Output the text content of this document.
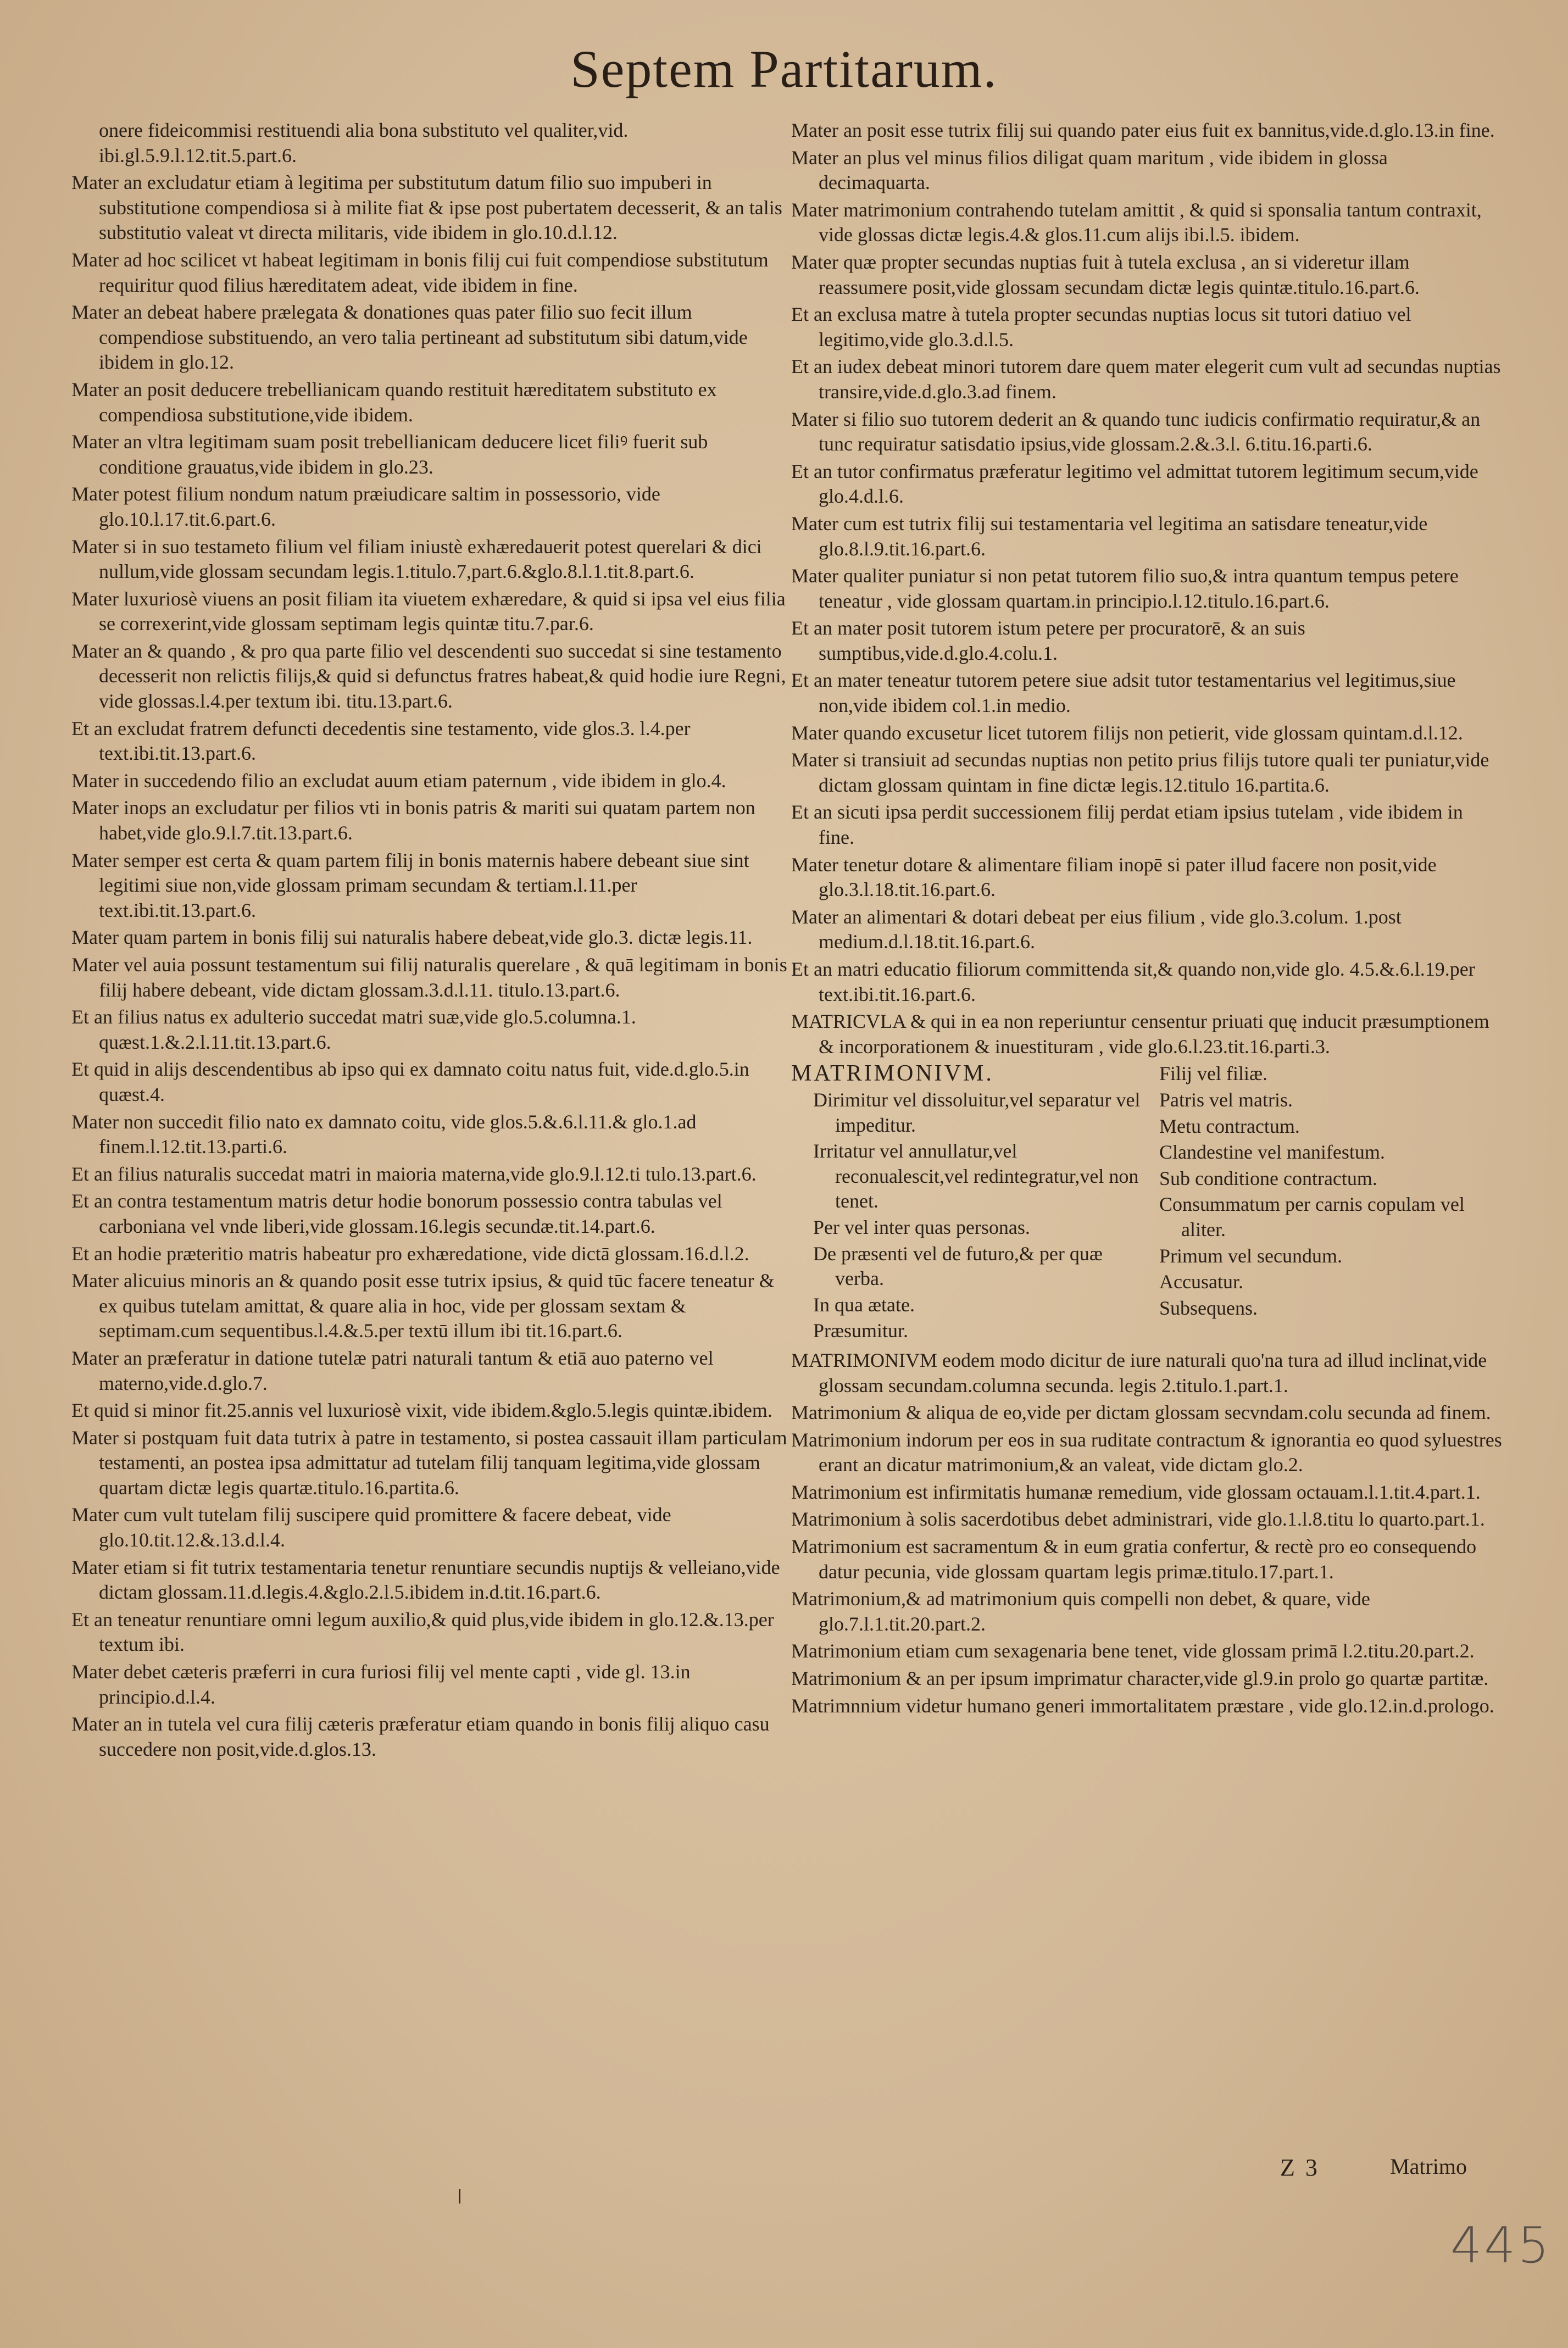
Septem Partitarum.
onere fideicommisi restituendi alia bona substituto vel qualiter,vid. ibi.gl.5.9.l.12.tit.5.part.6.
Mater an excludatur etiam à legitima per substitutum datum filio suo impuberi in substitutione compendiosa si à milite fiat & ipse post pubertatem decesserit, & an talis substitutio valeat vt directa militaris, vide ibidem in glo.10.d.l.12.
Mater ad hoc scilicet vt habeat legitimam in bonis filij cui fuit compendiose substitutum requiritur quod filius hæreditatem adeat, vide ibidem in fine.
Mater an debeat habere prælegata & donationes quas pater filio suo fecit illum compendiose substituendo, an vero talia pertineant ad substitutum sibi datum,vide ibidem in glo.12.
Mater an posit deducere trebellianicam quando restituit hæreditatem substituto ex compendiosa substitutione,vide ibidem.
Mater an vltra legitimam suam posit trebellianicam deducere licet filiꝰ fuerit sub conditione grauatus,vide ibidem in glo.23.
Mater potest filium nondum natum præiudicare saltim in possessorio, vide glo.10.l.17.tit.6.part.6.
Mater si in suo testameto filium vel filiam iniustè exhæredauerit potest querelari & dici nullum,vide glossam secundam legis.1.titulo.7,part.6.&glo.8.l.1.tit.8.part.6.
Mater luxuriosè viuens an posit filiam ita viuetem exhæredare, & quid si ipsa vel eius filia se correxerint,vide glossam septimam legis quintæ titu.7.par.6.
Mater an & quando , & pro qua parte filio vel descendenti suo succedat si sine testamento decesserit non relictis filijs,& quid si defunctus fratres habeat,& quid hodie iure Regni, vide glossas.l.4.per textum ibi. titu.13.part.6.
Et an excludat fratrem defuncti decedentis sine testamento, vide glos.3. l.4.per text.ibi.tit.13.part.6.
Mater in succedendo filio an excludat auum etiam paternum , vide ibidem in glo.4.
Mater inops an excludatur per filios vti in bonis patris & mariti sui quatam partem non habet,vide glo.9.l.7.tit.13.part.6.
Mater semper est certa & quam partem filij in bonis maternis habere debeant siue sint legitimi siue non,vide glossam primam secundam & tertiam.l.11.per text.ibi.tit.13.part.6.
Mater quam partem in bonis filij sui naturalis habere debeat,vide glo.3. dictæ legis.11.
Mater vel auia possunt testamentum sui filij naturalis querelare , & quā legitimam in bonis filij habere debeant, vide dictam glossam.3.d.l.11. titulo.13.part.6.
Et an filius natus ex adulterio succedat matri suæ,vide glo.5.columna.1. quæst.1.&.2.l.11.tit.13.part.6.
Et quid in alijs descendentibus ab ipso qui ex damnato coitu natus fuit, vide.d.glo.5.in quæst.4.
Mater non succedit filio nato ex damnato coitu, vide glos.5.&.6.l.11.& glo.1.ad finem.l.12.tit.13.parti.6.
Et an filius naturalis succedat matri in maioria materna,vide glo.9.l.12.ti tulo.13.part.6.
Et an contra testamentum matris detur hodie bonorum possessio contra tabulas vel carboniana vel vnde liberi,vide glossam.16.legis secundæ.tit.14.part.6.
Et an hodie præteritio matris habeatur pro exhæredatione, vide dictā glossam.16.d.l.2.
Mater alicuius minoris an & quando posit esse tutrix ipsius, & quid tūc facere teneatur & ex quibus tutelam amittat, & quare alia in hoc, vide per glossam sextam & septimam.cum sequentibus.l.4.&.5.per textū illum ibi tit.16.part.6.
Mater an præferatur in datione tutelæ patri naturali tantum & etiā auo paterno vel materno,vide.d.glo.7.
Et quid si minor fit.25.annis vel luxuriosè vixit, vide ibidem.&glo.5.legis quintæ.ibidem.
Mater si postquam fuit data tutrix à patre in testamento, si postea cassauit illam particulam testamenti, an postea ipsa admittatur ad tutelam filij tanquam legitima,vide glossam quartam dictæ legis quartæ.titulo.16.partita.6.
Mater cum vult tutelam filij suscipere quid promittere & facere debeat, vide glo.10.tit.12.&.13.d.l.4.
Mater etiam si fit tutrix testamentaria tenetur renuntiare secundis nuptijs & velleiano,vide dictam glossam.11.d.legis.4.&glo.2.l.5.ibidem in.d.tit.16.part.6.
Et an teneatur renuntiare omni legum auxilio,& quid plus,vide ibidem in glo.12.&.13.per textum ibi.
Mater debet cæteris præferri in cura furiosi filij vel mente capti , vide gl. 13.in principio.d.l.4.
Mater an in tutela vel cura filij cæteris præferatur etiam quando in bonis filij aliquo casu succedere non posit,vide.d.glos.13.
Mater an posit esse tutrix filij sui quando pater eius fuit ex bannitus,vide.d.glo.13.in fine.
Mater an plus vel minus filios diligat quam maritum , vide ibidem in glossa decimaquarta.
Mater matrimonium contrahendo tutelam amittit , & quid si sponsalia tantum contraxit, vide glossas dictæ legis.4.& glos.11.cum alijs ibi.l.5. ibidem.
Mater quæ propter secundas nuptias fuit à tutela exclusa , an si videretur illam reassumere posit,vide glossam secundam dictæ legis quintæ.titulo.16.part.6.
Et an exclusa matre à tutela propter secundas nuptias locus sit tutori datiuo vel legitimo,vide glo.3.d.l.5.
Et an iudex debeat minori tutorem dare quem mater elegerit cum vult ad secundas nuptias transire,vide.d.glo.3.ad finem.
Mater si filio suo tutorem dederit an & quando tunc iudicis confirmatio requiratur,& an tunc requiratur satisdatio ipsius,vide glossam.2.&.3.l. 6.titu.16.parti.6.
Et an tutor confirmatus præferatur legitimo vel admittat tutorem legitimum secum,vide glo.4.d.l.6.
Mater cum est tutrix filij sui testamentaria vel legitima an satisdare teneatur,vide glo.8.l.9.tit.16.part.6.
Mater qualiter puniatur si non petat tutorem filio suo,& intra quantum tempus petere teneatur , vide glossam quartam.in principio.l.12.titulo.16.part.6.
Et an mater posit tutorem istum petere per procuratorē, & an suis sumptibus,vide.d.glo.4.colu.1.
Et an mater teneatur tutorem petere siue adsit tutor testamentarius vel legitimus,siue non,vide ibidem col.1.in medio.
Mater quando excusetur licet tutorem filijs non petierit, vide glossam quintam.d.l.12.
Mater si transiuit ad secundas nuptias non petito prius filijs tutore quali ter puniatur,vide dictam glossam quintam in fine dictæ legis.12.titulo 16.partita.6.
Et an sicuti ipsa perdit successionem filij perdat etiam ipsius tutelam , vide ibidem in fine.
Mater tenetur dotare & alimentare filiam inopē si pater illud facere non posit,vide glo.3.l.18.tit.16.part.6.
Mater an alimentari & dotari debeat per eius filium , vide glo.3.colum. 1.post medium.d.l.18.tit.16.part.6.
Et an matri educatio filiorum committenda sit,& quando non,vide glo. 4.5.&.6.l.19.per text.ibi.tit.16.part.6.
MATRICVLA & qui in ea non reperiuntur censentur priuati quę inducit præsumptionem & incorporationem & inuestituram , vide glo.6.l.23.tit.16.parti.3.
MATRIMONIVM.
Dirimitur vel dissoluitur,vel separatur vel impeditur.
Irritatur vel annullatur,vel reconualescit,vel redintegratur,vel non tenet.
Per vel inter quas personas.
De præsenti vel de futuro,& per quæ verba.
In qua ætate.
Præsumitur.
Filij vel filiæ.
Patris vel matris.
Metu contractum.
Clandestine vel manifestum.
Sub conditione contractum.
Consummatum per carnis copulam vel aliter.
Primum vel secundum.
Accusatur.
Subsequens.
MATRIMONIVM eodem modo dicitur de iure naturali quo'na tura ad illud inclinat,vide glossam secundam.columna secunda. legis 2.titulo.1.part.1.
Matrimonium & aliqua de eo,vide per dictam glossam secvndam.colu secunda ad finem.
Matrimonium indorum per eos in sua ruditate contractum & ignorantia eo quod syluestres erant an dicatur matrimonium,& an valeat, vide dictam glo.2.
Matrimonium est infirmitatis humanæ remedium, vide glossam octauam.l.1.tit.4.part.1.
Matrimonium à solis sacerdotibus debet administrari, vide glo.1.l.8.titu lo quarto.part.1.
Matrimonium est sacramentum & in eum gratia confertur, & rectè pro eo consequendo datur pecunia, vide glossam quartam legis primæ.titulo.17.part.1.
Matrimonium,& ad matrimonium quis compelli non debet, & quare, vide glo.7.l.1.tit.20.part.2.
Matrimonium etiam cum sexagenaria bene tenet, vide glossam primā l.2.titu.20.part.2.
Matrimonium & an per ipsum imprimatur character,vide gl.9.in prolo go quartæ partitæ.
Matrimnnium videtur humano generi immortalitatem præstare , vide glo.12.in.d.prologo.
Z 3	Matrimo
445
